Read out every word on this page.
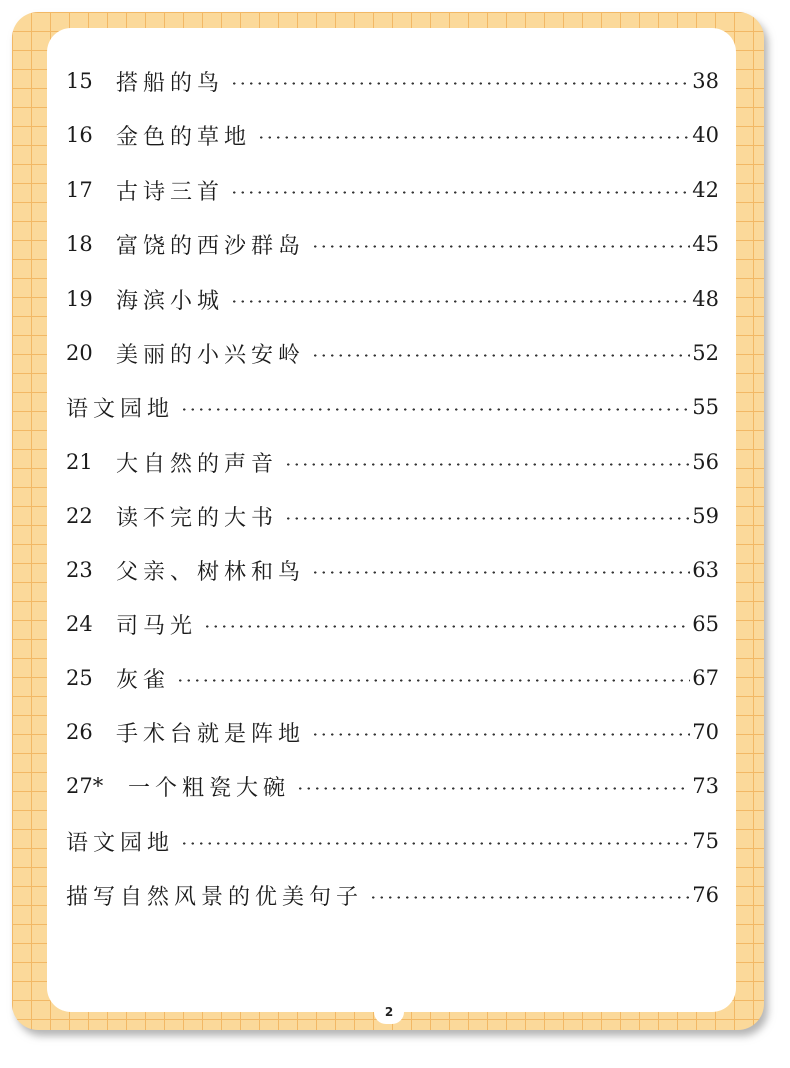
15	搭船的鸟	38
16	金色的草地	40
17	古诗三首	42
18	富饶的西沙群岛	45
19	海滨小城	48
20	美丽的小兴安岭	52
语文园地	55
21	大自然的声音	56
22	读不完的大书	59
23	父亲、树林和鸟	63
24	司马光	65
25	灰雀	67
26	手术台就是阵地	70
27*	一个粗瓷大碗	73
语文园地	75
描写自然风景的优美句子	76
2
